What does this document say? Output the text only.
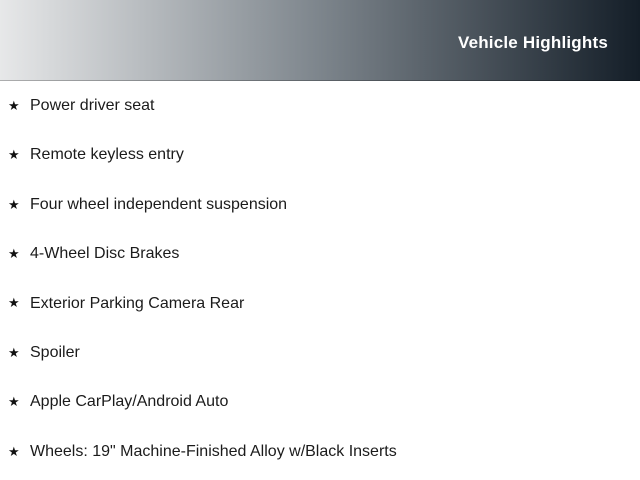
Vehicle Highlights
★ Power driver seat
★ Remote keyless entry
★ Four wheel independent suspension
★ 4-Wheel Disc Brakes
★ Exterior Parking Camera Rear
★ Spoiler
★ Apple CarPlay/Android Auto
★ Wheels: 19" Machine-Finished Alloy w/Black Inserts
